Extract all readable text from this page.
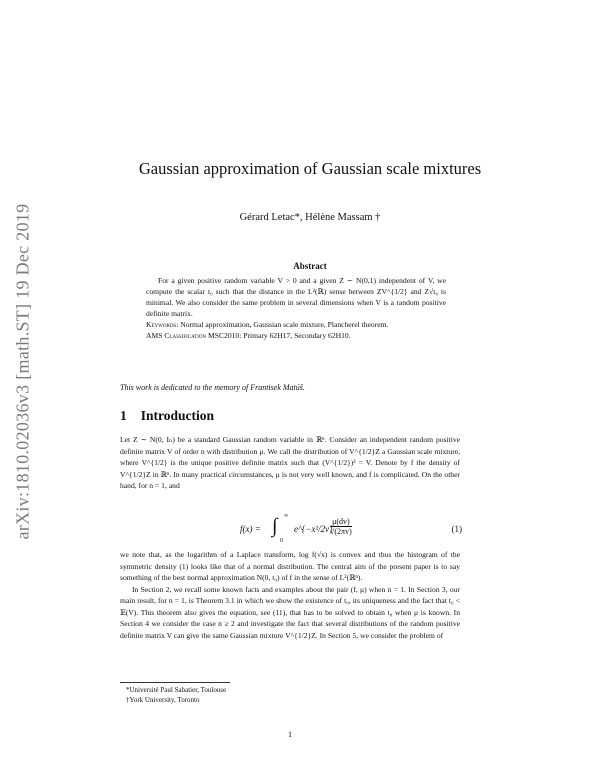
arXiv:1810.02036v3 [math.ST] 19 Dec 2019
Gaussian approximation of Gaussian scale mixtures
Gérard Letac*, Hélène Massam †
Abstract

For a given positive random variable V > 0 and a given Z ∼ N(0,1) independent of V, we compute the scalar t₀ such that the distance in the L²(ℝ) sense between ZV^{1/2} and Z√t₀ is minimal. We also consider the same problem in several dimensions when V is a random positive definite matrix.

Keywords: Normal approximation, Gaussian scale mixture, Plancherel theorem.

AMS Classification MSC2010: Primary 62H17, Secondary 62H10.

This work is dedicated to the memory of Frantisek Matúš.
1 Introduction

Let Z ∼ N(0, Iₙ) be a standard Gaussian random variable in ℝⁿ. Consider an independent random positive definite matrix V of order n with distribution μ. We call the distribution of V^{1/2}Z a Gaussian scale mixture, where V^{1/2} is the unique positive definite matrix such that (V^{1/2})² = V. Denote by f the density of V^{1/2}Z in ℝⁿ. In many practical circumstances, μ is not very well known, and f is complicated. On the other hand, for n = 1, and

f(x) = ∫ ∞
0
e^{−x²/2v}
$\frac{\mu(dv)}{√(2\pi v)}$	(1)

we note that, as the logarithm of a Laplace transform, log f(√x) is convex and thus the histogram of the symmetric density (1) looks like that of a normal distribution. The central aim of the present paper is to say something of the best normal approximation N(0, t₀) of f in the sense of L²(ℝⁿ).

In Section 2, we recall some known facts and examples about the pair (f, μ) when n = 1. In Section 3, our main result, for n = 1, is Theorem 3.1 in which we show the existence of t₀, its uniqueness and the fact that t₀ < 𝔼(V). This theorem also gives the equation, see (11), that has to be solved to obtain t₀ when μ is known. In Section 4 we consider the case n ≥ 2 and investigate the fact that several distributions of the random positive definite matrix V can give the same Gaussian mixture V^{1/2}Z. In Section 5, we consider the problem of

*Université Paul Sabatier, Toulouse
†York University, Toronto
1
